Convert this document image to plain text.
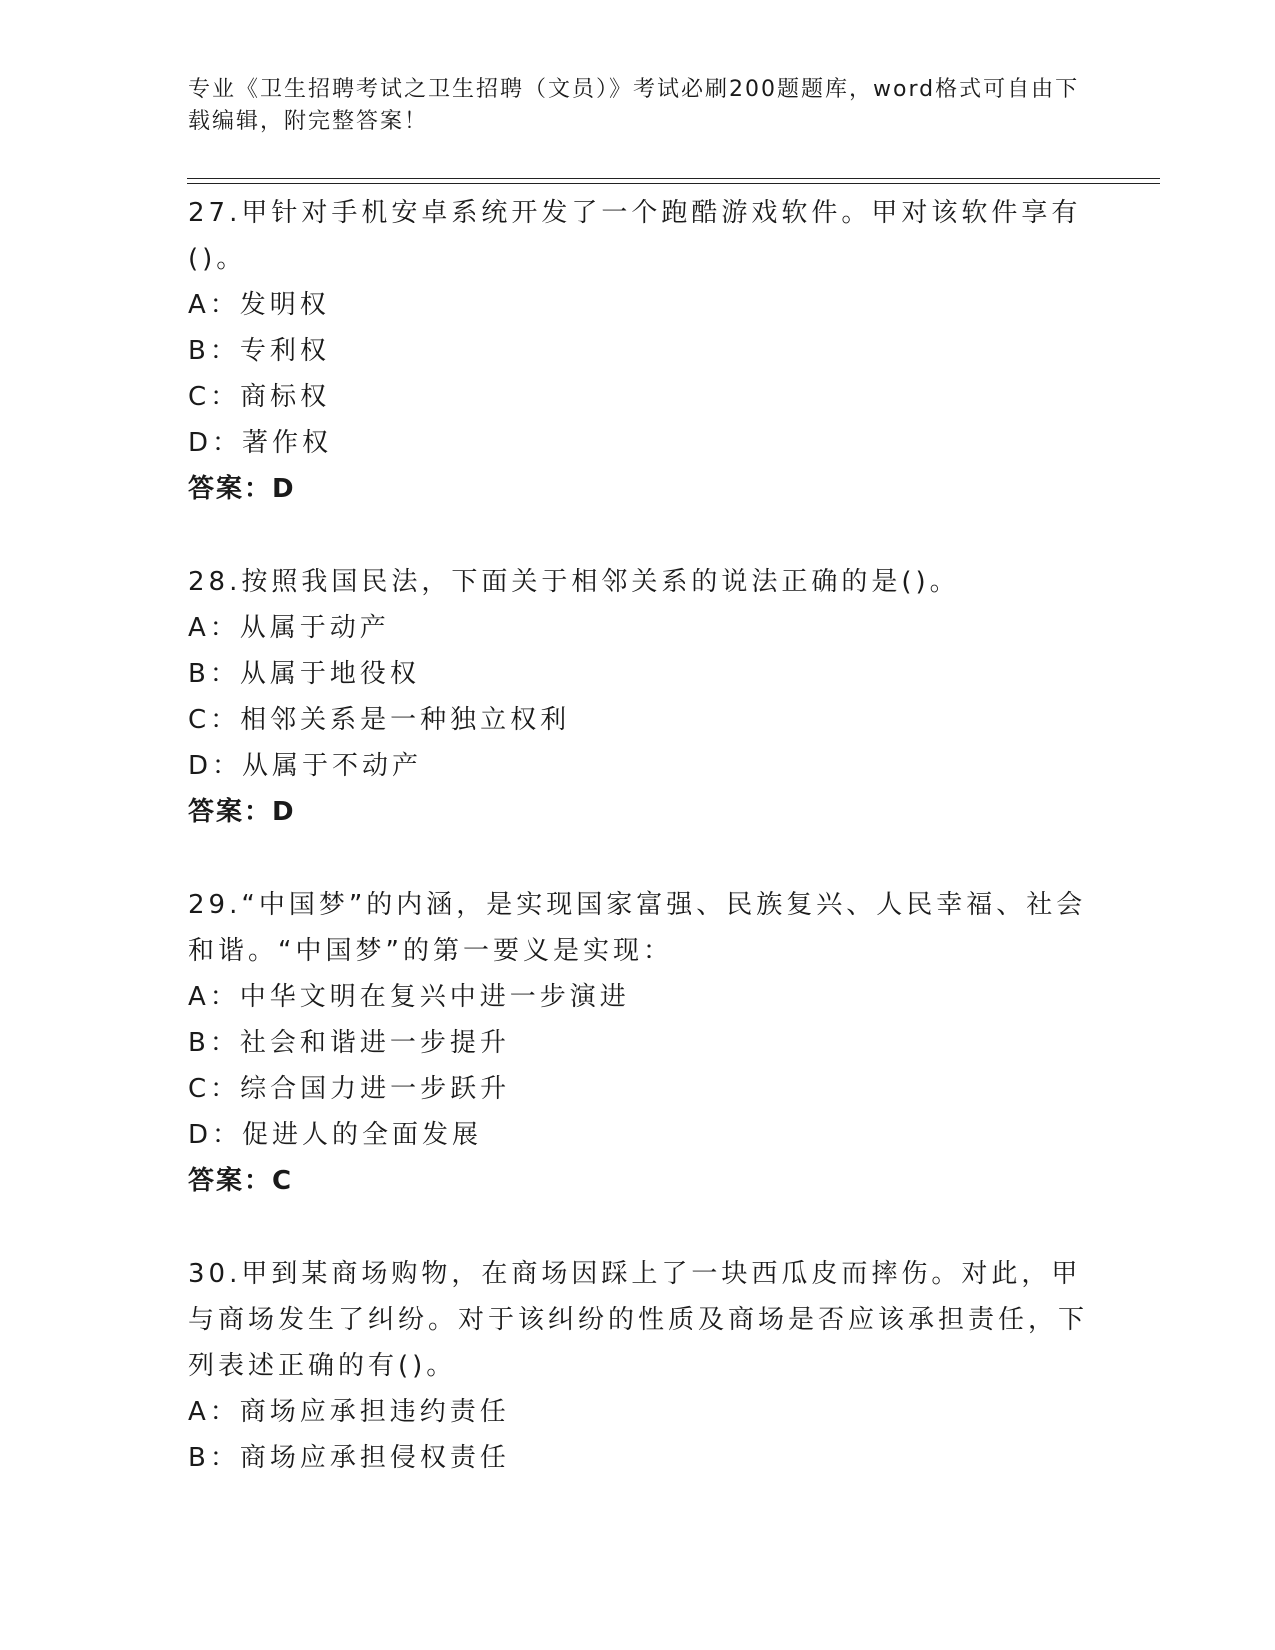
专业《卫生招聘考试之卫生招聘（文员）》考试必刷200题题库，word格式可自由下载编辑，附完整答案！
27.甲针对手机安卓系统开发了一个跑酷游戏软件。甲对该软件享有()。
A：发明权
B：专利权
C：商标权
D：著作权
答案：D
28.按照我国民法，下面关于相邻关系的说法正确的是()。
A：从属于动产
B：从属于地役权
C：相邻关系是一种独立权利
D：从属于不动产
答案：D
29.“中国梦”的内涵，是实现国家富强、民族复兴、人民幸福、社会和谐。“中国梦”的第一要义是实现：
A：中华文明在复兴中进一步演进
B：社会和谐进一步提升
C：综合国力进一步跃升
D：促进人的全面发展
答案：C
30.甲到某商场购物，在商场因踩上了一块西瓜皮而摔伤。对此，甲与商场发生了纠纷。对于该纠纷的性质及商场是否应该承担责任，下列表述正确的有()。
A：商场应承担违约责任
B：商场应承担侵权责任
